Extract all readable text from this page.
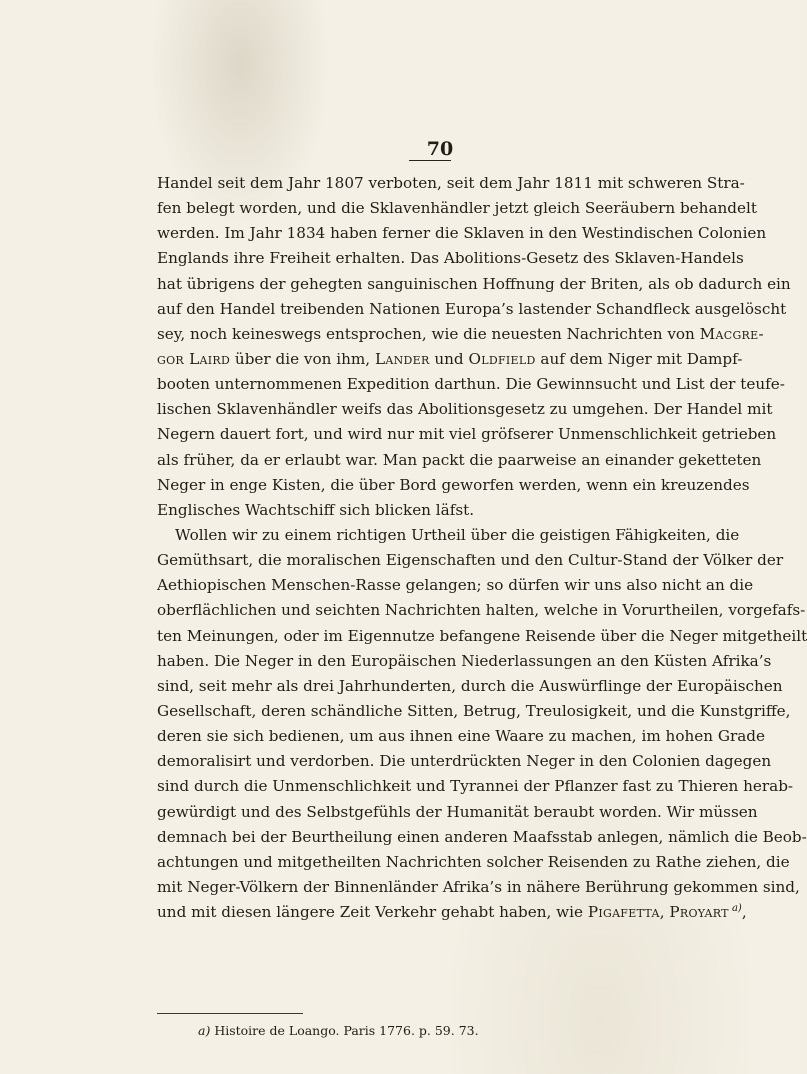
70
Handel seit dem Jahr 1807 verboten, seit dem Jahr 1811 mit schweren Stra-
fen belegt worden, und die Sklavenhändler jetzt gleich Seeräubern behandelt
werden. Im Jahr 1834 haben ferner die Sklaven in den Westindischen Colonien
Englands ihre Freiheit erhalten. Das Abolitions-Gesetz des Sklaven-Handels
hat übrigens der gehegten sanguinischen Hoffnung der Briten, als ob dadurch ein
auf den Handel treibenden Nationen Europa’s lastender Schandfleck ausgelöscht
sey, noch keineswegs entsprochen, wie die neuesten Nachrichten von Macgre-
gor Laird über die von ihm, Lander und Oldfield auf dem Niger mit Dampf-
booten unternommenen Expedition darthun. Die Gewinnsucht und List der teufe-
lischen Sklavenhändler weifs das Abolitionsgesetz zu umgehen. Der Handel mit
Negern dauert fort, und wird nur mit viel gröfserer Unmenschlichkeit getrieben
als früher, da er erlaubt war. Man packt die paarweise an einander geketteten
Neger in enge Kisten, die über Bord geworfen werden, wenn ein kreuzendes
Englisches Wachtschiff sich blicken läfst.
Wollen wir zu einem richtigen Urtheil über die geistigen Fähigkeiten, die
Gemüthsart, die moralischen Eigenschaften und den Cultur-Stand der Völker der
Aethiopischen Menschen-Rasse gelangen; so dürfen wir uns also nicht an die
oberflächlichen und seichten Nachrichten halten, welche in Vorurtheilen, vorgefafs-
ten Meinungen, oder im Eigennutze befangene Reisende über die Neger mitgetheilt
haben. Die Neger in den Europäischen Niederlassungen an den Küsten Afrika’s
sind, seit mehr als drei Jahrhunderten, durch die Auswürflinge der Europäischen
Gesellschaft, deren schändliche Sitten, Betrug, Treulosigkeit, und die Kunstgriffe,
deren sie sich bedienen, um aus ihnen eine Waare zu machen, im hohen Grade
demoralisirt und verdorben. Die unterdrückten Neger in den Colonien dagegen
sind durch die Unmenschlichkeit und Tyrannei der Pflanzer fast zu Thieren herab-
gewürdigt und des Selbstgefühls der Humanität beraubt worden. Wir müssen
demnach bei der Beurtheilung einen anderen Maafsstab anlegen, nämlich die Beob-
achtungen und mitgetheilten Nachrichten solcher Reisenden zu Rathe ziehen, die
mit Neger-Völkern der Binnenländer Afrika’s in nähere Berührung gekommen sind,
und mit diesen längere Zeit Verkehr gehabt haben, wie Pigafetta, Proyart $^{a)}$,
a) Histoire de Loango. Paris 1776. p. 59. 73.
